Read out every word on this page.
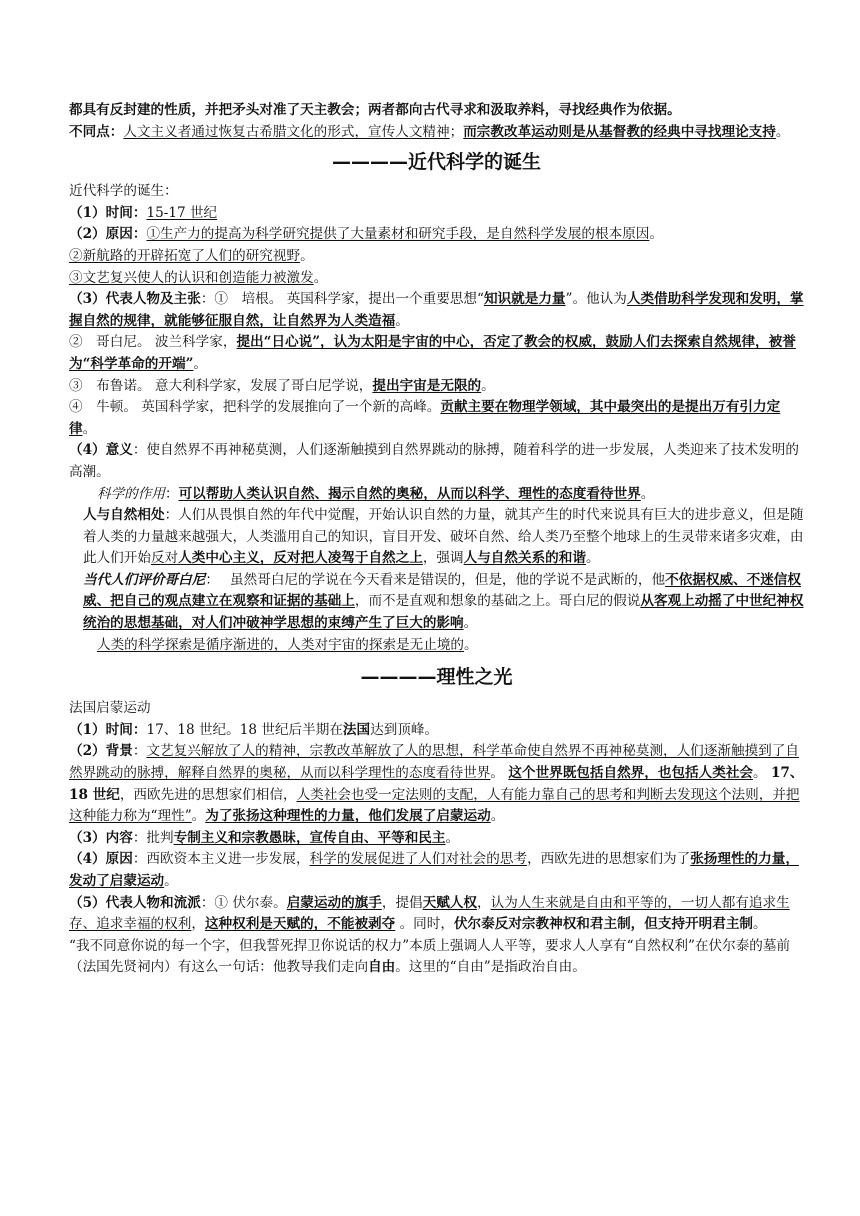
都具有反封建的性质，并把矛头对准了天主教会；两者都向古代寻求和汲取养料，寻找经典作为依据。

不同点：人文主义者通过恢复古希腊文化的形式，宣传人文精神；而宗教改革运动则是从基督教的经典中寻找理论支持。

————近代科学的诞生

近代科学的诞生：

（1）时间：15-17 世纪

（2）原因：①生产力的提高为科学研究提供了大量素材和研究手段，是自然科学发展的根本原因。

②新航路的开辟拓宽了人们的研究视野。

③文艺复兴使人的认识和创造能力被激发。

（3）代表人物及主张：①　培根。 英国科学家，提出一个重要思想“知识就是力量”。他认为人类借助科学发现和发明，掌握自然的规律，就能够征服自然，让自然界为人类造福。

②　哥白尼。 波兰科学家，提出“日心说”，认为太阳是宇宙的中心，否定了教会的权威，鼓励人们去探索自然规律，被誉为“科学革命的开端”。

③　布鲁诺。 意大利科学家，发展了哥白尼学说，提出宇宙是无限的。

④　牛顿。 英国科学家，把科学的发展推向了一个新的高峰。贡献主要在物理学领域，其中最突出的是提出万有引力定律。

（4）意义：使自然界不再神秘莫测，人们逐渐触摸到自然界跳动的脉搏，随着科学的进一步发展，人类迎来了技术发明的高潮。

科学的作用：可以帮助人类认识自然、揭示自然的奥秘，从而以科学、理性的态度看待世界。

人与自然相处：人们从畏惧自然的年代中觉醒，开始认识自然的力量，就其产生的时代来说具有巨大的进步意义，但是随着人类的力量越来越强大，人类滥用自己的知识，盲目开发、破坏自然、给人类乃至整个地球上的生灵带来诸多灾难，由此人们开始反对人类中心主义，反对把人凌驾于自然之上，强调人与自然关系的和谐。

当代人们评价哥白尼：　 虽然哥白尼的学说在今天看来是错误的，但是，他的学说不是武断的，他不依据权威、不迷信权威、把自己的观点建立在观察和证据的基础上，而不是直观和想象的基础之上。哥白尼的假说从客观上动摇了中世纪神权统治的思想基础，对人们冲破神学思想的束缚产生了巨大的影响。

人类的科学探索是循序渐进的，人类对宇宙的探索是无止境的。

————理性之光

法国启蒙运动

（1）时间：17、18 世纪。18 世纪后半期在法国达到顶峰。

（2）背景：文艺复兴解放了人的精神，宗教改革解放了人的思想，科学革命使自然界不再神秘莫测，人们逐渐触摸到了自然界跳动的脉搏，解释自然界的奥秘，从而以科学理性的态度看待世界。 这个世界既包括自然界，也包括人类社会。 17、18 世纪，西欧先进的思想家们相信，人类社会也受一定法则的支配，人有能力靠自己的思考和判断去发现这个法则，并把这种能力称为“理性”。为了张扬这种理性的力量，他们发展了启蒙运动。

（3）内容：批判专制主义和宗教愚昧，宣传自由、平等和民主。

（4）原因：西欧资本主义进一步发展，科学的发展促进了人们对社会的思考，西欧先进的思想家们为了张扬理性的力量，发动了启蒙运动。

（5）代表人物和流派：① 伏尔泰。启蒙运动的旗手，提倡天赋人权，认为人生来就是自由和平等的，一切人都有追求生存、追求幸福的权利，这种权利是天赋的，不能被剥夺 。同时，伏尔泰反对宗教神权和君主制，但支持开明君主制。

“我不同意你说的每一个字，但我誓死捍卫你说话的权力”本质上强调人人平等，要求人人享有“自然权利”在伏尔泰的墓前（法国先贤祠内）有这么一句话：他教导我们走向自由。这里的“自由”是指政治自由。
